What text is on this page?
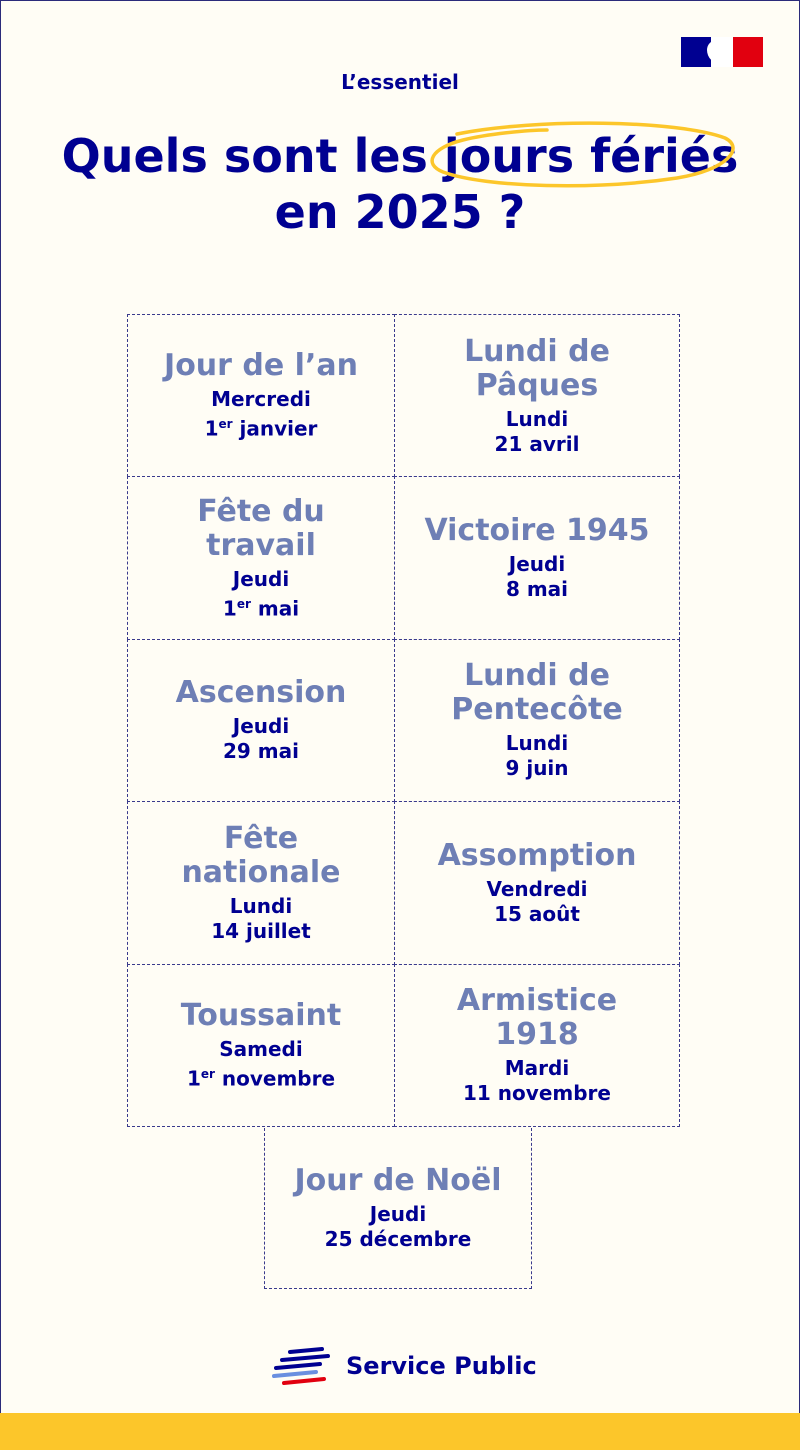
L’essentiel
Quels sont les jours fériés
en 2025 ?
Jour de l’an
Mercredi
1er janvier
Lundi de Pâques
Lundi
21 avril
Fête du travail
Jeudi
1er mai
Victoire 1945
Jeudi
8 mai
Ascension
Jeudi
29 mai
Lundi de Pentecôte
Lundi
9 juin
Fête nationale
Lundi
14 juillet
Assomption
Vendredi
15 août
Toussaint
Samedi
1er novembre
Armistice 1918
Mardi
11 novembre
Jour de Noël
Jeudi
25 décembre
Service Public
